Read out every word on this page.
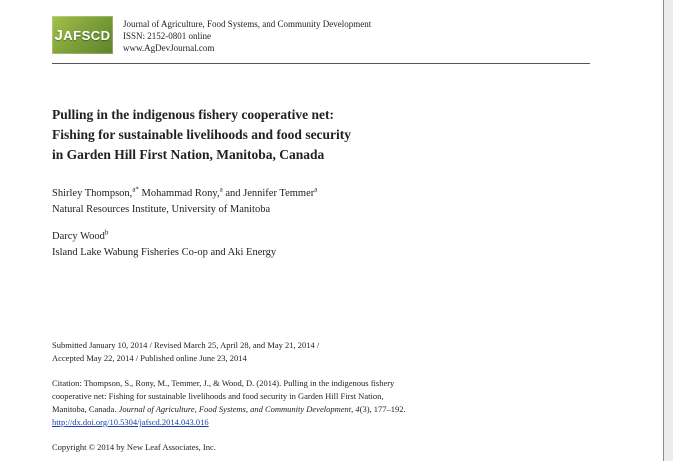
JAFSCD
Journal of Agriculture, Food Systems, and Community Development
ISSN: 2152-0801 online
www.AgDevJournal.com
Pulling in the indigenous fishery cooperative net:
Fishing for sustainable livelihoods and food security
in Garden Hill First Nation, Manitoba, Canada
Shirley Thompson,$^{a*}$ Mohammad Rony,$^a$ and Jennifer Temmer$^a$
Natural Resources Institute, University of Manitoba
Darcy Wood$^b$
Island Lake Wabung Fisheries Co-op and Aki Energy
Submitted January 10, 2014 / Revised March 25, April 28, and May 21, 2014 /
Accepted May 22, 2014 / Published online June 23, 2014
Citation: Thompson, S., Rony, M., Temmer, J., & Wood, D. (2014). Pulling in the indigenous fishery
cooperative net: Fishing for sustainable livelihoods and food security in Garden Hill First Nation,
Manitoba, Canada. Journal of Agriculture, Food Systems, and Community Development, 4(3), 177–192.
http://dx.doi.org/10.5304/jafscd.2014.043.016
Copyright © 2014 by New Leaf Associates, Inc.
